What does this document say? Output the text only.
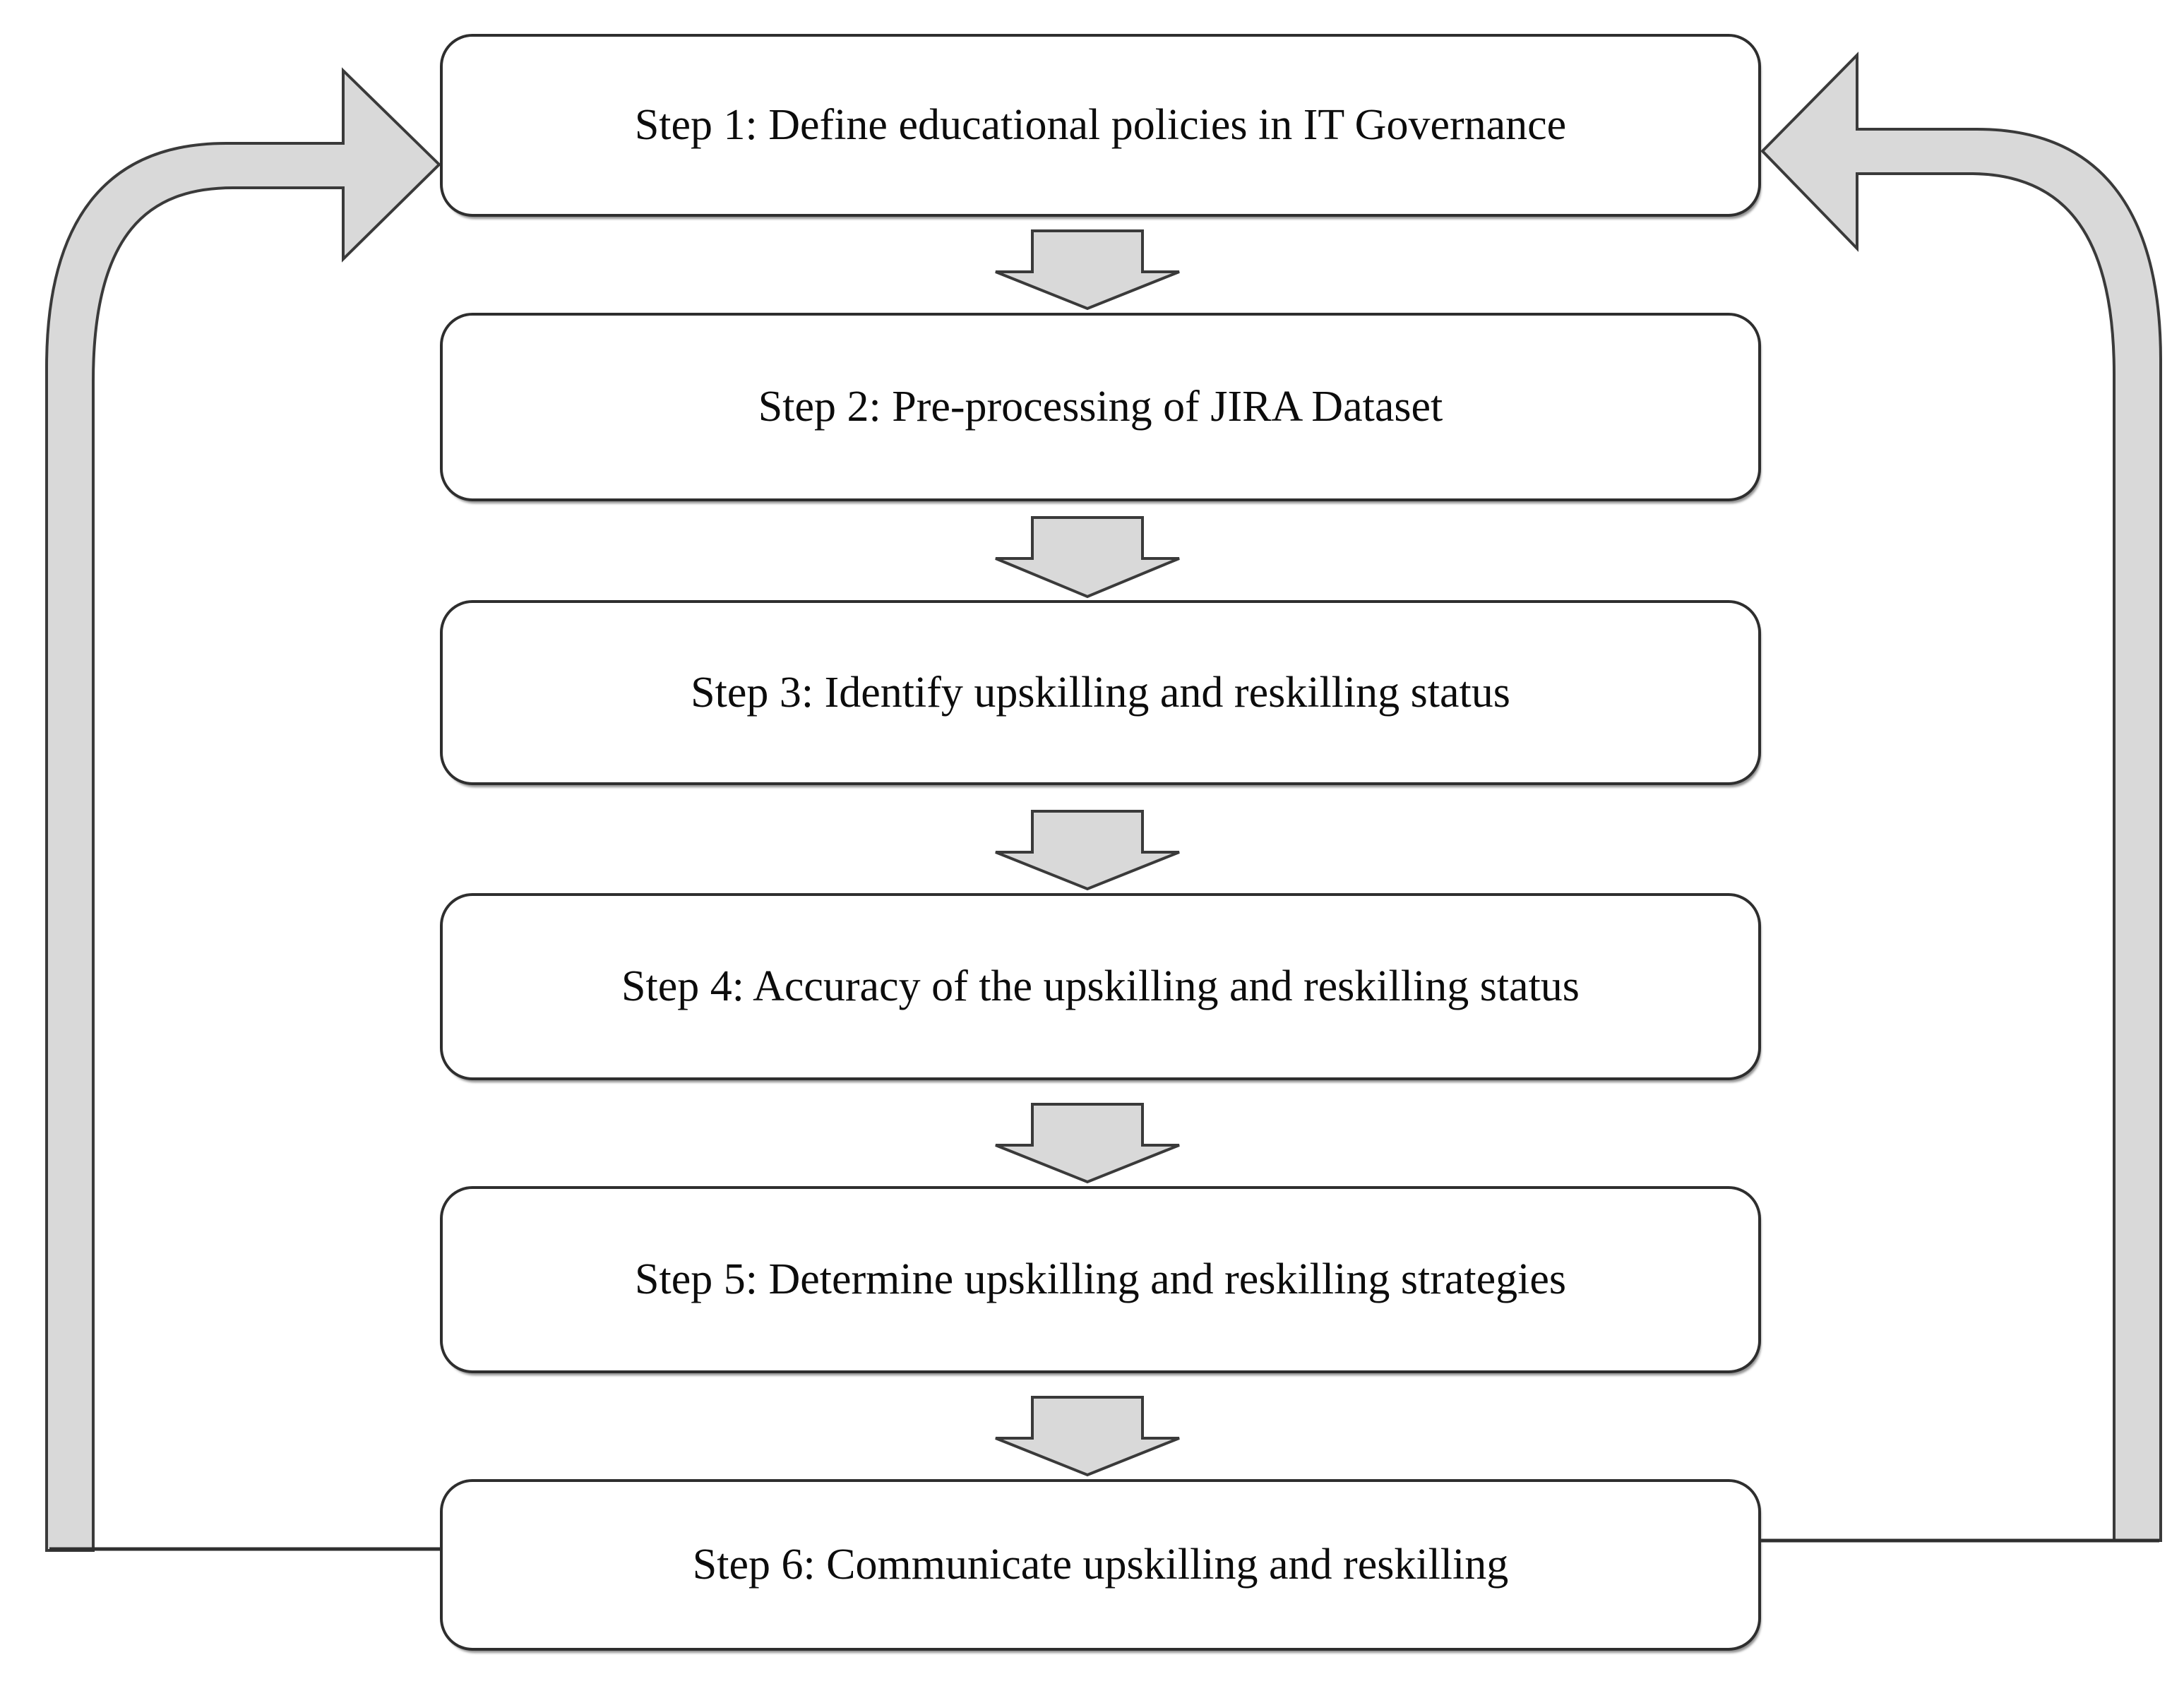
Step 1: Define educational policies in IT Governance
Step 2: Pre-processing of JIRA Dataset
Step 3: Identify upskilling and reskilling status
Step 4: Accuracy of the upskilling and reskilling status
Step 5: Determine upskilling and reskilling strategies
Step 6: Communicate upskilling and reskilling
